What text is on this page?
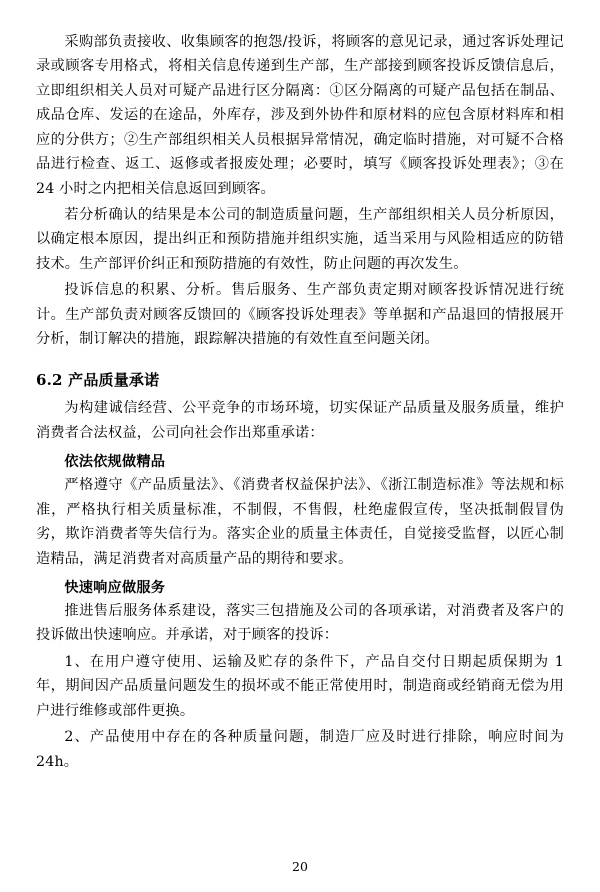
采购部负责接收、收集顾客的抱怨/投诉，将顾客的意见记录，通过客诉处理记录或顾客专用格式，将相关信息传递到生产部，生产部接到顾客投诉反馈信息后，立即组织相关人员对可疑产品进行区分隔离：①区分隔离的可疑产品包括在制品、成品仓库、发运的在途品，外库存，涉及到外协件和原材料的应包含原材料库和相应的分供方；②生产部组织相关人员根据异常情况，确定临时措施，对可疑不合格品进行检查、返工、返修或者报废处理；必要时，填写《顾客投诉处理表》；③在 24 小时之内把相关信息返回到顾客。

若分析确认的结果是本公司的制造质量问题，生产部组织相关人员分析原因，以确定根本原因，提出纠正和预防措施并组织实施，适当采用与风险相适应的防错技术。生产部评价纠正和预防措施的有效性，防止问题的再次发生。

投诉信息的积累、分析。售后服务、生产部负责定期对顾客投诉情况进行统计。生产部负责对顾客反馈回的《顾客投诉处理表》等单据和产品退回的情报展开分析，制订解决的措施，跟踪解决措施的有效性直至问题关闭。

6.2 产品质量承诺

为构建诚信经营、公平竞争的市场环境，切实保证产品质量及服务质量，维护消费者合法权益，公司向社会作出郑重承诺：

依法依规做精品

严格遵守《产品质量法》、《消费者权益保护法》、《浙江制造标准》等法规和标准，严格执行相关质量标准，不制假，不售假，杜绝虚假宣传，坚决抵制假冒伪劣，欺诈消费者等失信行为。落实企业的质量主体责任，自觉接受监督，以匠心制造精品，满足消费者对高质量产品的期待和要求。

快速响应做服务

推进售后服务体系建设，落实三包措施及公司的各项承诺，对消费者及客户的投诉做出快速响应。并承诺，对于顾客的投诉：

1、在用户遵守使用、运输及贮存的条件下，产品自交付日期起质保期为 1 年，期间因产品质量问题发生的损坏或不能正常使用时，制造商或经销商无偿为用户进行维修或部件更换。

2、产品使用中存在的各种质量问题，制造厂应及时进行排除，响应时间为 24h。

20
